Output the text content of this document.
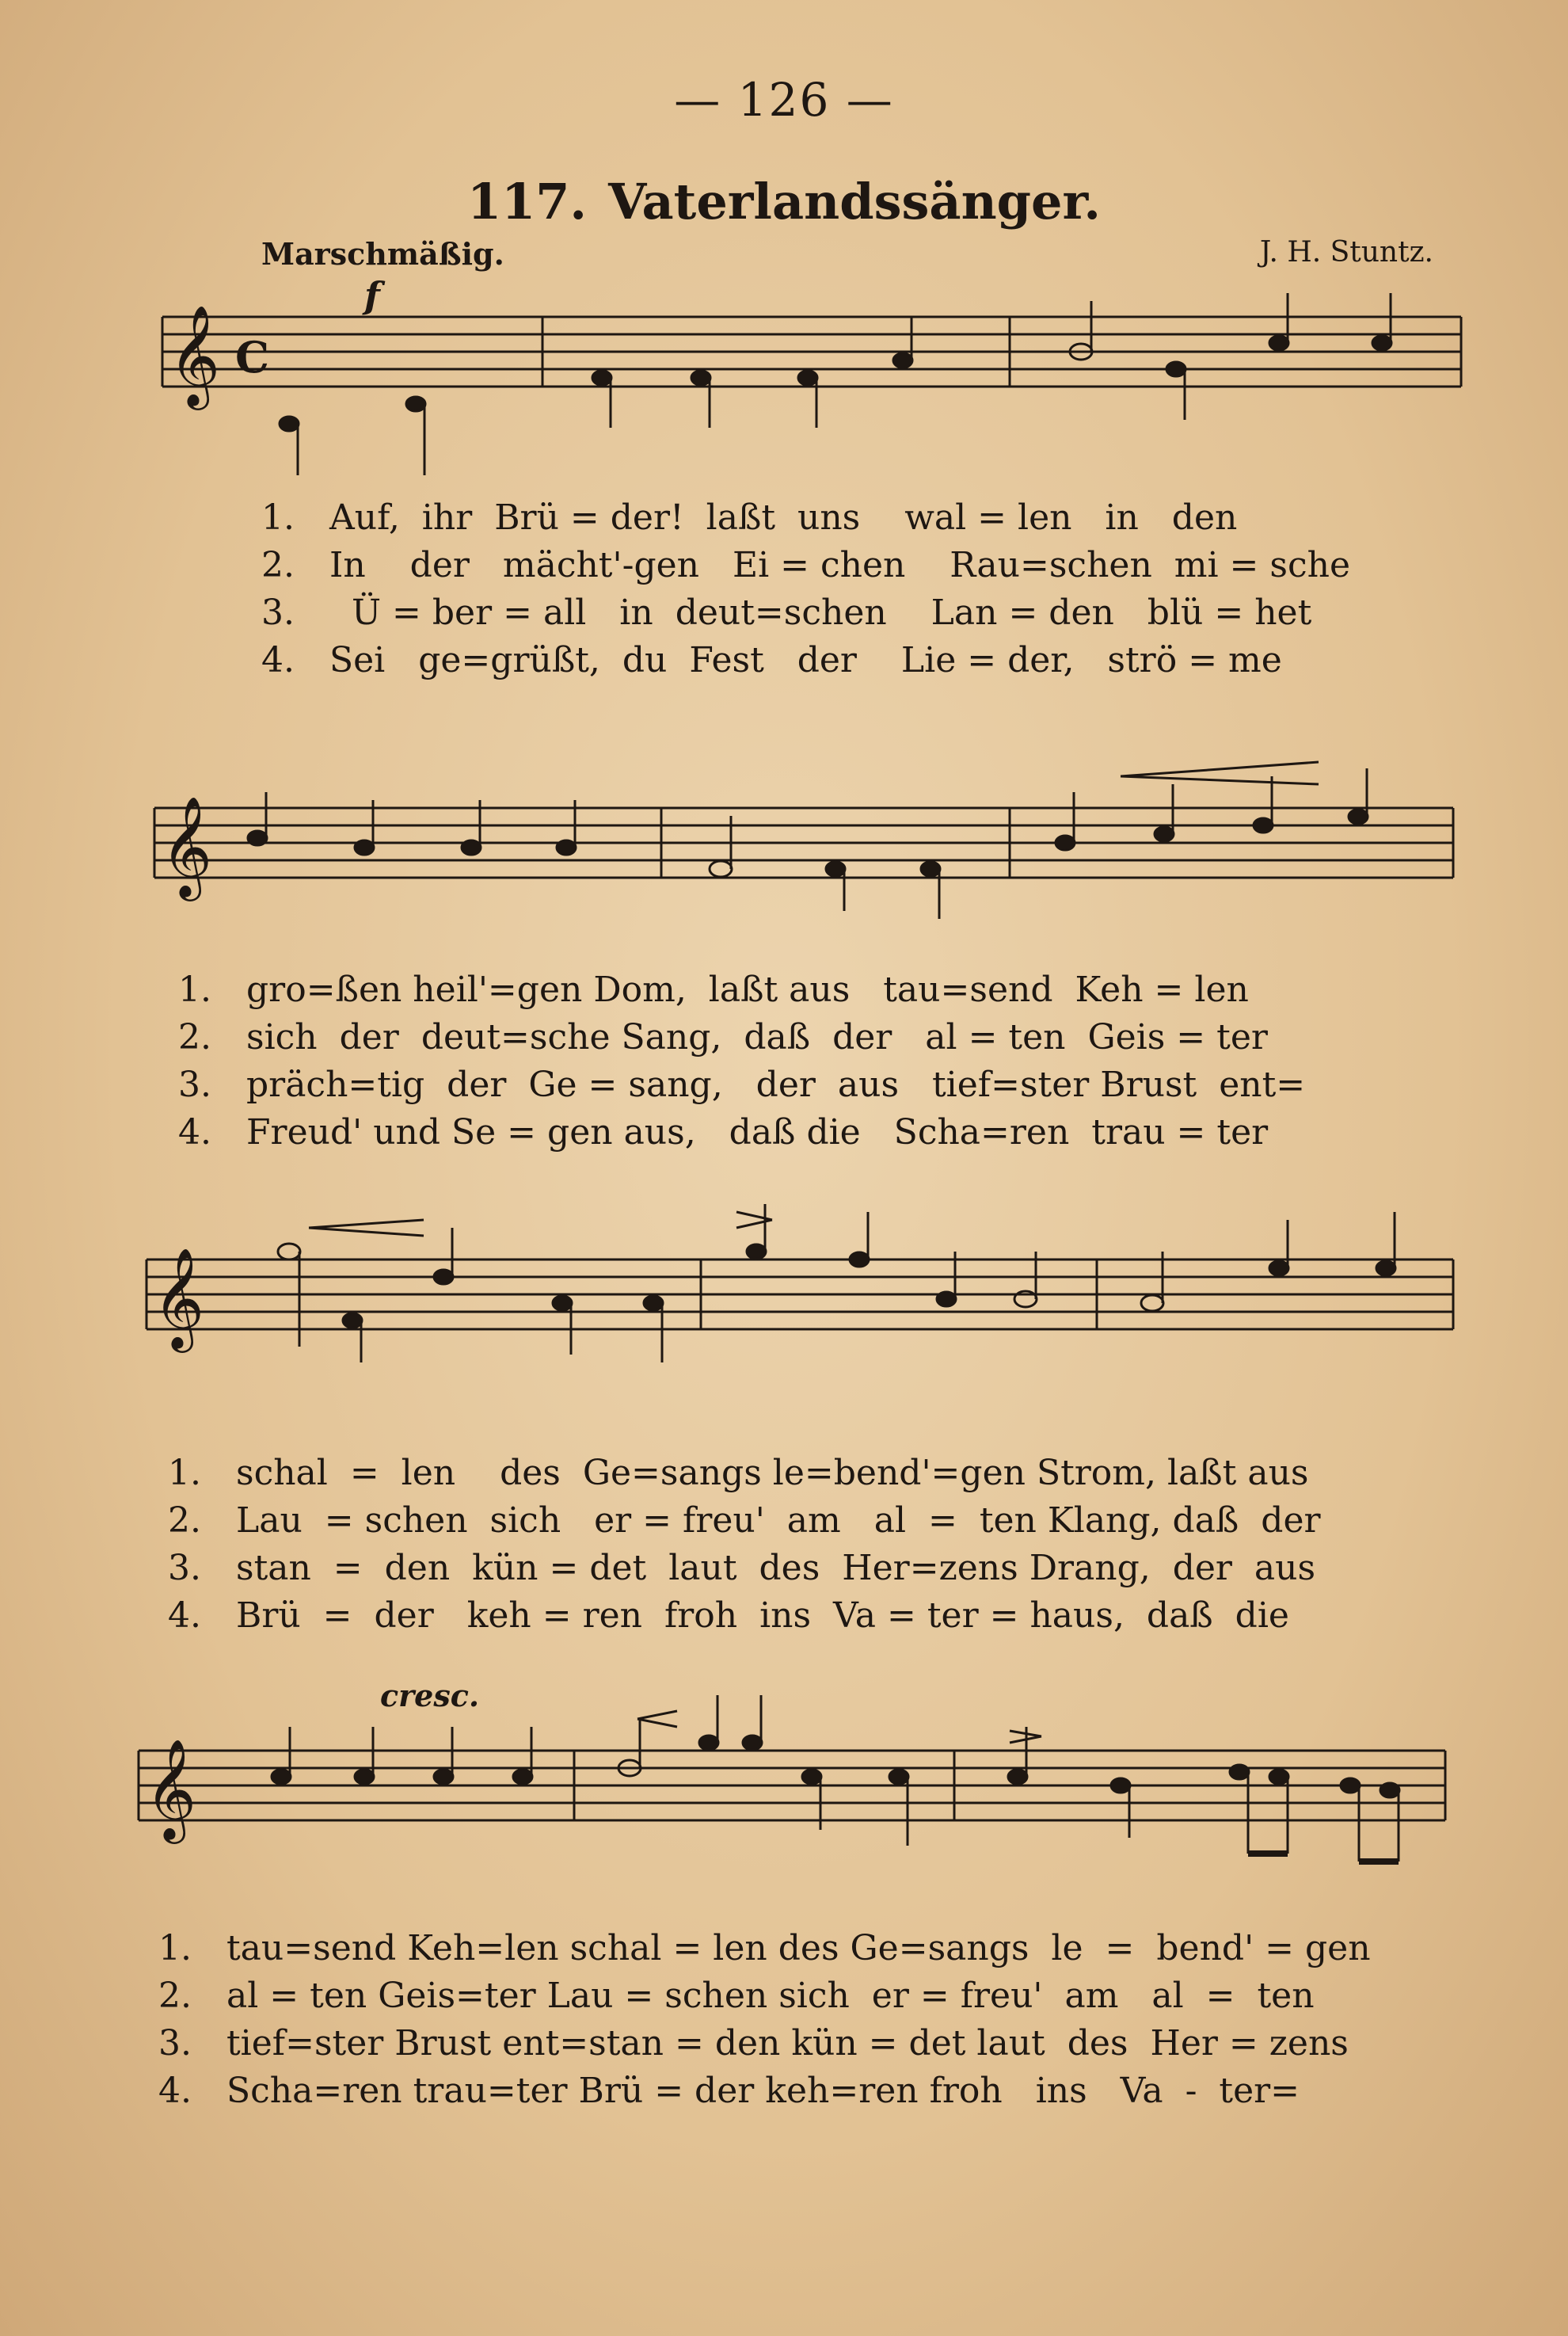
— 126 —
117. Vaterlandssänger.
Marschmäßig.	J. H. Stuntz.
f
𝄞 C
1. Auf,  ihr  Brü = der!  laßt  uns    wal = len   in   den
2. In    der   mächt'-gen   Ei = chen    Rau=schen  mi = sche
3.  Ü = ber = all   in  deut=schen    Lan = den   blü = het
4. Sei   ge=grüßt,  du  Fest   der    Lie = der,   strö = me
𝄞
1. gro=ßen heil'=gen Dom,  laßt aus   tau=send  Keh = len
2. sich  der  deut=sche Sang,  daß  der   al = ten  Geis = ter
3. präch=tig  der  Ge = sang,   der  aus   tief=ster Brust  ent=
4. Freud' und Se = gen aus,   daß die   Scha=ren  trau = ter
𝄞
1. schal  =  len    des  Ge=sangs le=bend'=gen Strom, laßt aus
2. Lau  = schen  sich   er = freu'  am   al  =  ten Klang, daß  der
3. stan  =  den  kün = det  laut  des  Her=zens Drang,  der  aus
4. Brü  =  der   keh = ren  froh  ins  Va = ter = haus,  daß  die
cresc.
𝄞
1. tau=send Keh=len schal = len des Ge=sangs  le  =  bend' = gen
2. al = ten Geis=ter Lau = schen sich  er = freu'  am   al  =  ten
3. tief=ster Brust ent=stan = den kün = det laut  des  Her = zens
4. Scha=ren trau=ter Brü = der keh=ren froh   ins   Va  -  ter=
